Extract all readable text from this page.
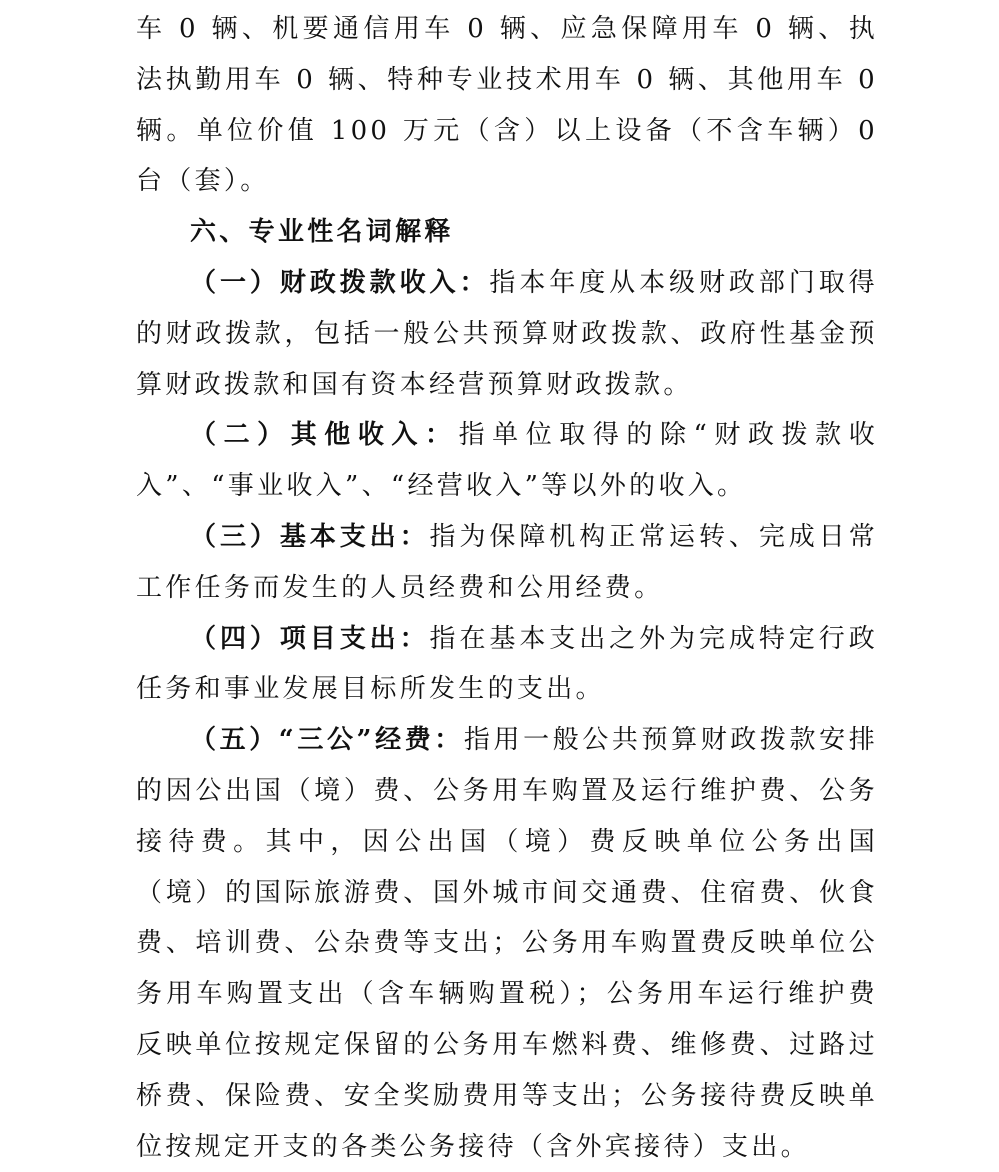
车 0 辆、机要通信用车 0 辆、应急保障用车 0 辆、执法执勤用车 0 辆、特种专业技术用车 0 辆、其他用车 0 辆。单位价值 100 万元（含）以上设备（不含车辆）0 台（套）。

六、专业性名词解释

（一）财政拨款收入：指本年度从本级财政部门取得的财政拨款，包括一般公共预算财政拨款、政府性基金预算财政拨款和国有资本经营预算财政拨款。

（二）其他收入：指单位取得的除“财政拨款收入”、“事业收入”、“经营收入”等以外的收入。

（三）基本支出：指为保障机构正常运转、完成日常工作任务而发生的人员经费和公用经费。

（四）项目支出：指在基本支出之外为完成特定行政任务和事业发展目标所发生的支出。

（五）“三公”经费：指用一般公共预算财政拨款安排的因公出国（境）费、公务用车购置及运行维护费、公务接待费。其中，因公出国（境）费反映单位公务出国（境）的国际旅游费、国外城市间交通费、住宿费、伙食费、培训费、公杂费等支出；公务用车购置费反映单位公务用车购置支出（含车辆购置税）；公务用车运行维护费反映单位按规定保留的公务用车燃料费、维修费、过路过桥费、保险费、安全奖励费用等支出；公务接待费反映单位按规定开支的各类公务接待（含外宾接待）支出。
